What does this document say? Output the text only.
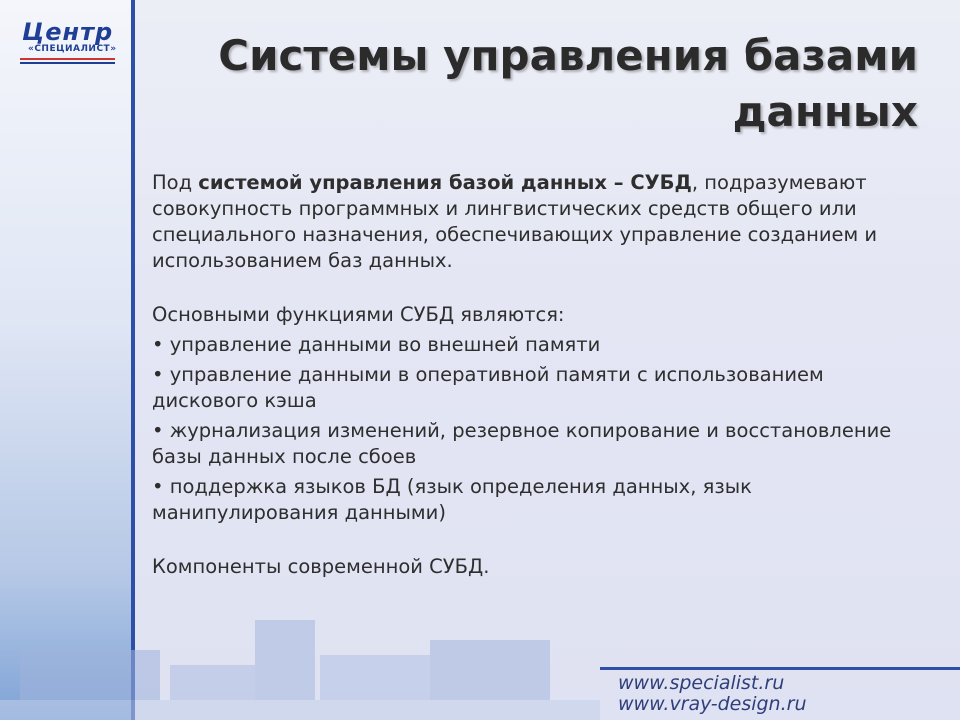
Центр
«СПЕЦИАЛИСТ»	Системы управления базами
данных
Под системой управления базой данных – СУБД, подразумевают совокупность программных и лингвистических средств общего или специального назначения, обеспечивающих управление созданием и использованием баз данных.
Основными функциями СУБД являются:
• управление данными во внешней памяти
• управление данными в оперативной памяти с использованием дискового кэша
• журнализация изменений, резервное копирование и восстановление базы данных после сбоев
• поддержка языков БД (язык определения данных, язык манипулирования данными)
Компоненты современной СУБД.
www.specialist.ru
www.vray-design.ru
